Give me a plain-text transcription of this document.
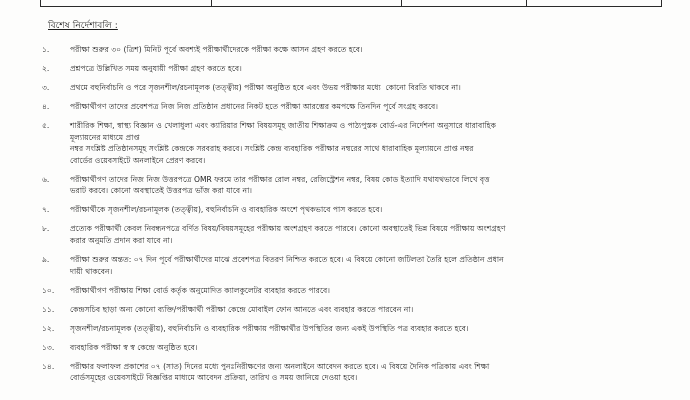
বিশেষ নির্দেশাবলি :
১.	পরীক্ষা শুরুর ৩০ (ত্রিশ) মিনিট পূর্বে অবশ্যই পরীক্ষার্থীদেরকে পরীক্ষা কক্ষে আসন গ্রহণ করতে হবে।
২.	প্রশ্নপত্রে উল্লিখিত সময় অনুযায়ী পরীক্ষা গ্রহণ করতে হবে।
৩.	প্রথমে বহুনির্বাচনি ও পরে সৃজনশীল/রচনামূলক (তত্ত্বীয়) পরীক্ষা অনুষ্ঠিত হবে এবং উভয় পরীক্ষার মধ্যে  কোনো বিরতি থাকবে না।
৪.	পরীক্ষার্থীগণ তাদের প্রবেশপত্র নিজ নিজ প্রতিষ্ঠান প্রধানের নিকট হতে পরীক্ষা আরম্ভের কমপক্ষে তিনদিন পূর্বে সংগ্রহ করবে।
৫.	শারীরিক শিক্ষা, স্বাস্থ্য বিজ্ঞান ও খেলাধুলা এবং ক্যারিয়ার শিক্ষা বিষয়সমূহ জাতীয় শিক্ষাক্রম ও পাঠ্যপুস্তক বোর্ড-এর নির্দেশনা অনুসারে ধারাবাহিক
মূল্যায়নের মাধ্যমে প্রাপ্ত
নম্বর সংশ্লিষ্ট প্রতিষ্ঠানসমূহ সংশ্লিষ্ট কেন্দ্রকে সরবরাহ করবে। সংশ্লিষ্ট কেন্দ্র ব্যবহারিক পরীক্ষার নম্বরের সাথে ধারাবাহিক মূল্যায়নে প্রাপ্ত নম্বর
বোর্ডের ওয়েবসাইটে অনলাইনে প্রেরণ করবে।
৬.	পরীক্ষার্থীগণ তাদের নিজ নিজ উত্তরপত্রে OMR ফরমে তার পরীক্ষার রোল নম্বর, রেজিস্ট্রেশন নম্বর, বিষয় কোড ইত্যাদি যথাযথভাবে লিখে বৃত্ত
ভরাট করবে। কোনো অবস্থাতেই উত্তরপত্র ভাঁজ করা যাবে না।
৭.	পরীক্ষার্থীকে সৃজনশীল/রচনামূলক (তত্ত্বীয়), বহুনির্বাচনি ও ব্যবহারিক অংশে পৃথকভাবে পাস করতে হবে।
৮.	প্রত্যেক পরীক্ষার্থী কেবল নিবন্ধনপত্রে বর্ণিত বিষয়/বিষয়সমূহের পরীক্ষায় অংশগ্রহণ করতে পারবে। কোনো অবস্থাতেই ভিন্ন বিষয়ে পরীক্ষায় অংশগ্রহণ
করার অনুমতি প্রদান করা যাবে না।
৯.	পরীক্ষা শুরুর অন্তত: ০৭ দিন পূর্বে পরীক্ষার্থীদের মাঝে প্রবেশপত্র বিতরণ নিশ্চিত করতে হবে। এ বিষয়ে কোনো জটিলতা তৈরি হলে প্রতিষ্ঠান প্রধান
দায়ী থাকবেন।
১০.	পরীক্ষার্থীগণ পরীক্ষায় শিক্ষা বোর্ড কর্তৃক অনুমোদিত ক্যালকুলেটর ব্যবহার করতে পারবে।
১১.	কেন্দ্রসচিব ছাড়া অন্য কোনো ব্যক্তি/পরীক্ষার্থী পরীক্ষা কেন্দ্রে মোবাইল ফোন আনতে এবং ব্যবহার করতে পারবেন না।
১২.	সৃজনশীল/রচনামূলক (তত্ত্বীয়), বহুনির্বাচনি ও ব্যবহারিক পরীক্ষায় পরীক্ষার্থীর উপস্থিতির জন্য একই উপস্থিতি পত্র ব্যবহার করতে হবে।
১৩.	ব্যবহারিক পরীক্ষা স্ব স্ব কেন্দ্রে অনুষ্ঠিত হবে।
১৪.	পরীক্ষার ফলাফল প্রকাশের ০৭ (সাত) দিনের মধ্যে পুনঃনিরীক্ষণের জন্য অনলাইনে আবেদন করতে হবে। এ বিষয়ে দৈনিক পত্রিকায় এবং শিক্ষা
বোর্ডসমূহের ওয়েবসাইটে বিজ্ঞপ্তির মাধ্যমে আবেদন প্রক্রিয়া, তারিখ ও সময় জানিয়ে দেওয়া হবে।
